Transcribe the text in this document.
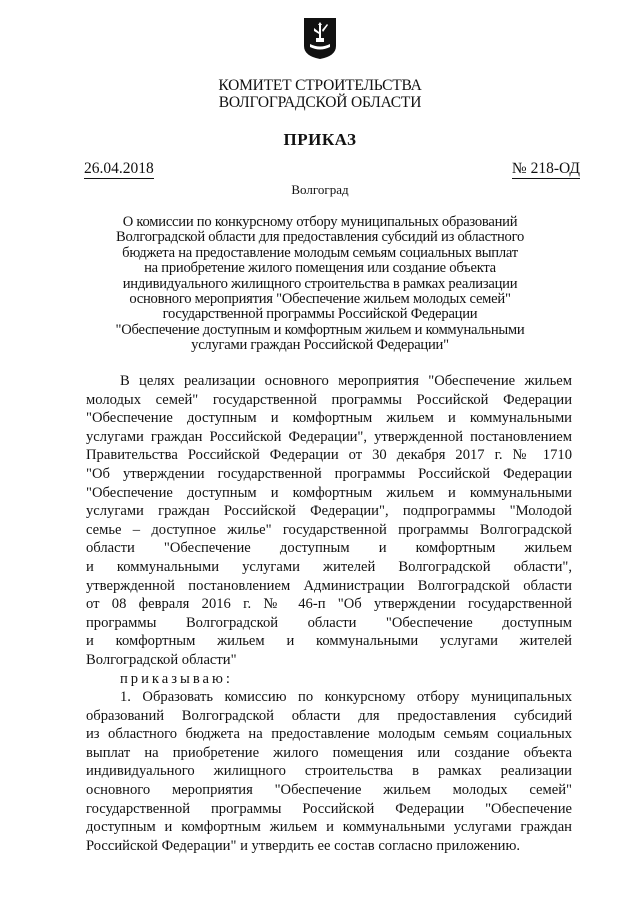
КОМИТЕТ СТРОИТЕЛЬСТВА
ВОЛГОГРАДСКОЙ ОБЛАСТИ
ПРИКАЗ
26.04.2018	№ 218-ОД
Волгоград
О комиссии по конкурсному отбору муниципальных образований
Волгоградской области для предоставления субсидий из областного
бюджета на предоставление молодым семьям социальных выплат
на приобретение жилого помещения или создание объекта
индивидуального жилищного строительства в рамках реализации
основного мероприятия "Обеспечение жильем молодых семей"
государственной программы Российской Федерации
"Обеспечение доступным и комфортным жильем и коммунальными
услугами граждан Российской Федерации"
В целях реализации основного мероприятия "Обеспечение жильем
молодых семей" государственной программы Российской Федерации
"Обеспечение доступным и комфортным жильем и коммунальными
услугами граждан Российской Федерации", утвержденной постановлением
Правительства Российской Федерации от 30 декабря 2017 г. № 1710
"Об утверждении государственной программы Российской Федерации
"Обеспечение доступным и комфортным жильем и коммунальными
услугами граждан Российской Федерации", подпрограммы "Молодой
семье – доступное жилье" государственной программы Волгоградской
области "Обеспечение доступным и комфортным жильем
и коммунальными услугами жителей Волгоградской области",
утвержденной постановлением Администрации Волгоградской области
от 08 февраля 2016 г. № 46-п "Об утверждении государственной
программы Волгоградской области "Обеспечение доступным
и комфортным жильем и коммунальными услугами жителей
Волгоградской области"
приказываю:
1. Образовать комиссию по конкурсному отбору муниципальных
образований Волгоградской области для предоставления субсидий
из областного бюджета на предоставление молодым семьям социальных
выплат на приобретение жилого помещения или создание объекта
индивидуального жилищного строительства в рамках реализации
основного мероприятия "Обеспечение жильем молодых семей"
государственной программы Российской Федерации "Обеспечение
доступным и комфортным жильем и коммунальными услугами граждан
Российской Федерации" и утвердить ее состав согласно приложению.
